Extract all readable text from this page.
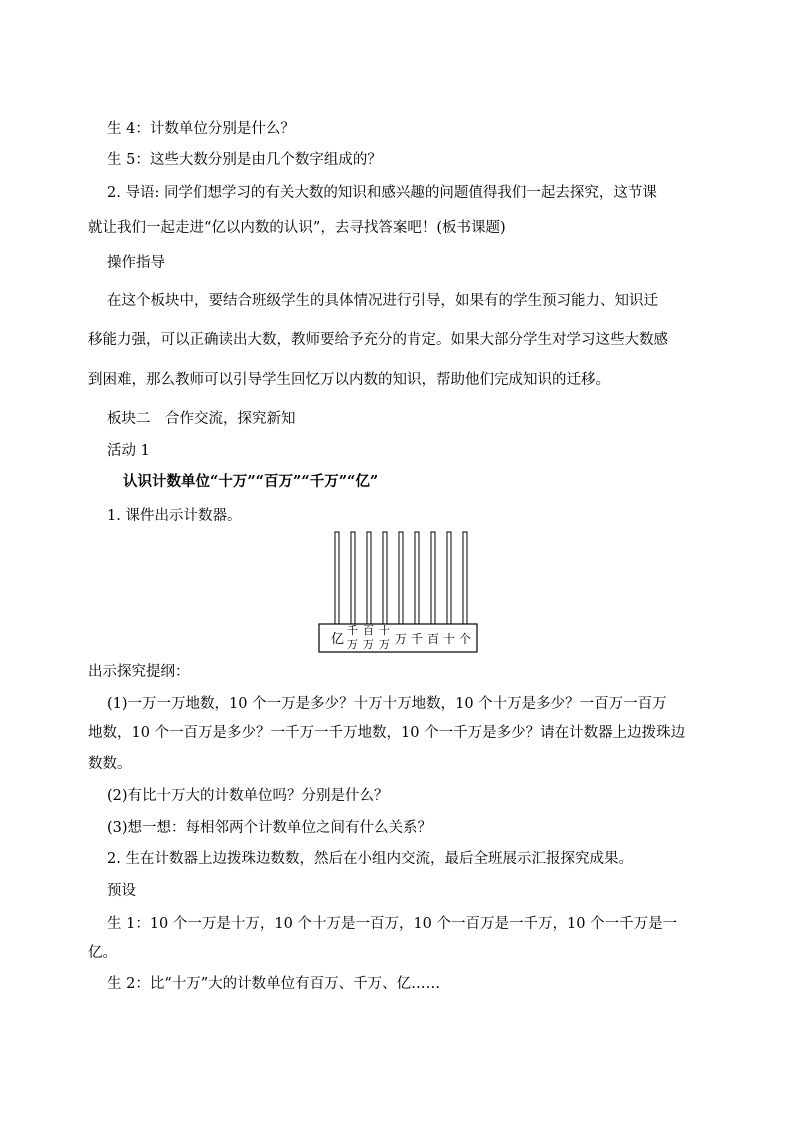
生 4：计数单位分别是什么？
生 5：这些大数分别是由几个数字组成的？
2. 导语: 同学们想学习的有关大数的知识和感兴趣的问题值得我们一起去探究，这节课
就让我们一起走进“亿以内数的认识”，去寻找答案吧！(板书课题)
操作指导
在这个板块中，要结合班级学生的具体情况进行引导，如果有的学生预习能力、知识迁
移能力强，可以正确读出大数，教师要给予充分的肯定。如果大部分学生对学习这些大数感
到困难，那么教师可以引导学生回忆万以内数的知识，帮助他们完成知识的迁移。
板块二　合作交流，探究新知
活动 1
认识计数单位“十万”“百万”“千万”“亿”
1. 课件出示计数器。
亿
千 万
百 万
十 万 万 千 百 十 个
出示探究提纲：
(1)一万一万地数，10 个一万是多少？十万十万地数，10 个十万是多少？一百万一百万
地数，10 个一百万是多少？一千万一千万地数，10 个一千万是多少？请在计数器上边拨珠边
数数。
(2)有比十万大的计数单位吗？分别是什么？
(3)想一想：每相邻两个计数单位之间有什么关系？
2. 生在计数器上边拨珠边数数，然后在小组内交流，最后全班展示汇报探究成果。
预设
生 1：10 个一万是十万，10 个十万是一百万，10 个一百万是一千万，10 个一千万是一
亿。
生 2：比“十万”大的计数单位有百万、千万、亿……
